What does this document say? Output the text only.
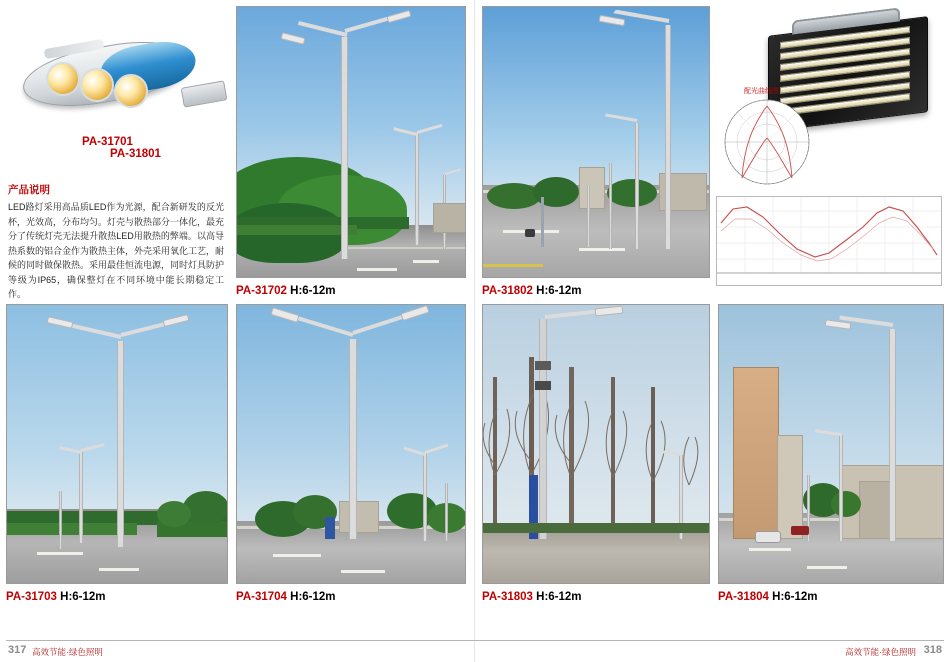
PA-31701
产品说明

LED路灯采用高品质LED作为光源，配合新研发的反光杯，光效高，分布均匀。灯壳与散热部分一体化，最充分了传统灯壳无法提升散热LED用散热的弊端。以高导热系数的铝合金作为散热主体，外壳采用氧化工艺，耐候的同时做保散热。采用最佳恒流电源，同时灯具防护等级为IP65，确保整灯在不同环境中能长期稳定工作。	PA-31702 H:6-12m	PA-31802 H:6-12m
PA-31801
配光曲线图
PA-31703 H:6-12m	PA-31704 H:6-12m	PA-31803 H:6-12m	PA-31804 H:6-12m
317 高效节能·绿色照明	318
高效节能·绿色照明
